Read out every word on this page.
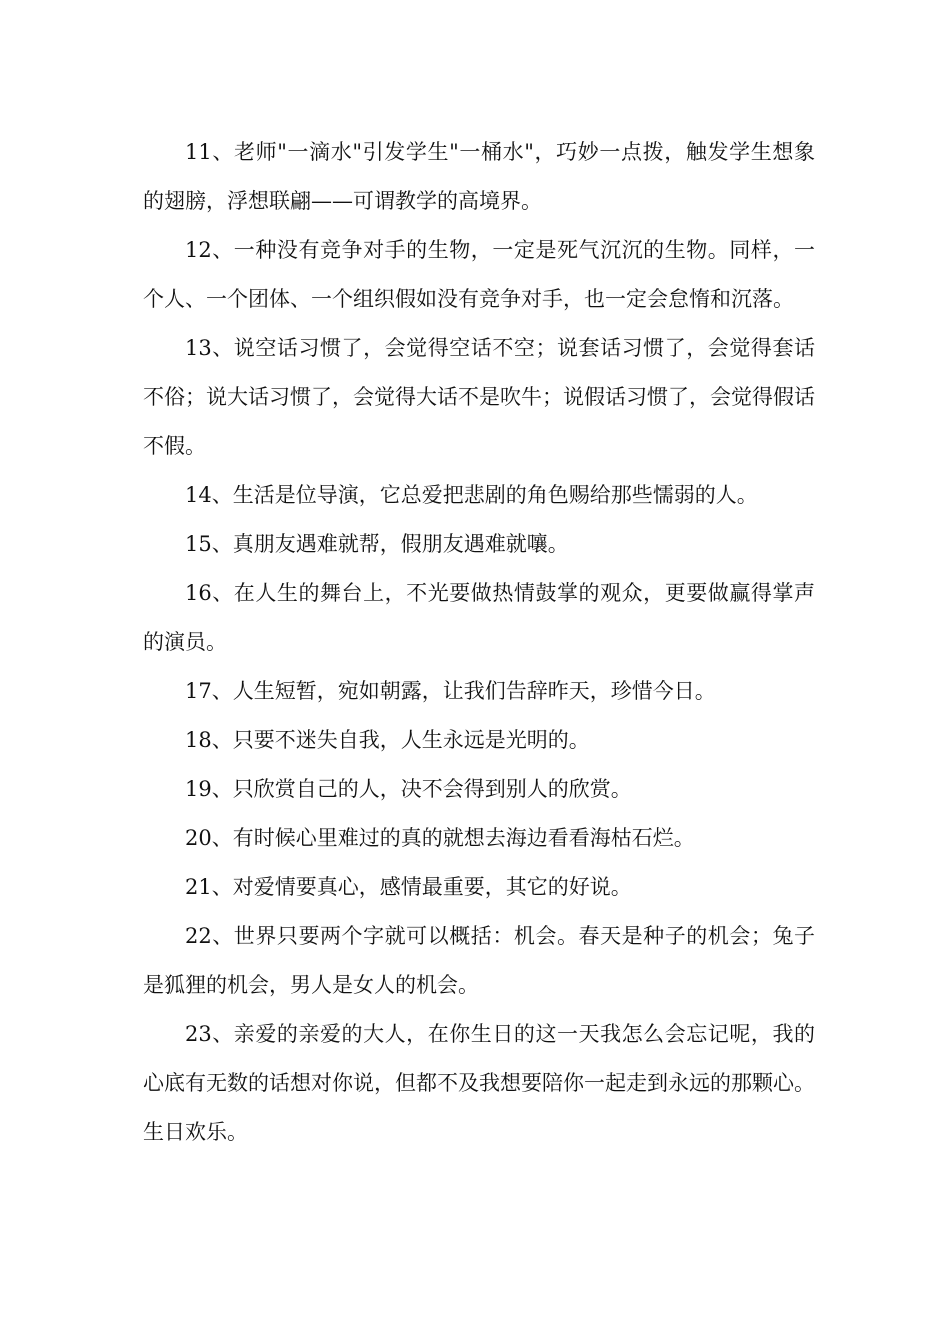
11、老师"一滴水"引发学生"一桶水"，巧妙一点拨，触发学生想象的翅膀，浮想联翩——可谓教学的高境界。

12、一种没有竞争对手的生物，一定是死气沉沉的生物。同样，一个人、一个团体、一个组织假如没有竞争对手，也一定会怠惰和沉落。

13、说空话习惯了，会觉得空话不空；说套话习惯了，会觉得套话不俗；说大话习惯了，会觉得大话不是吹牛；说假话习惯了，会觉得假话不假。

14、生活是位导演，它总爱把悲剧的角色赐给那些懦弱的人。

15、真朋友遇难就帮，假朋友遇难就嚷。

16、在人生的舞台上，不光要做热情鼓掌的观众，更要做赢得掌声的演员。

17、人生短暂，宛如朝露，让我们告辞昨天，珍惜今日。

18、只要不迷失自我，人生永远是光明的。

19、只欣赏自己的人，决不会得到别人的欣赏。

20、有时候心里难过的真的就想去海边看看海枯石烂。

21、对爱情要真心，感情最重要，其它的好说。

22、世界只要两个字就可以概括：机会。春天是种子的机会；兔子是狐狸的机会，男人是女人的机会。

23、亲爱的亲爱的大人，在你生日的这一天我怎么会忘记呢，我的心底有无数的话想对你说，但都不及我想要陪你一起走到永远的那颗心。生日欢乐。
